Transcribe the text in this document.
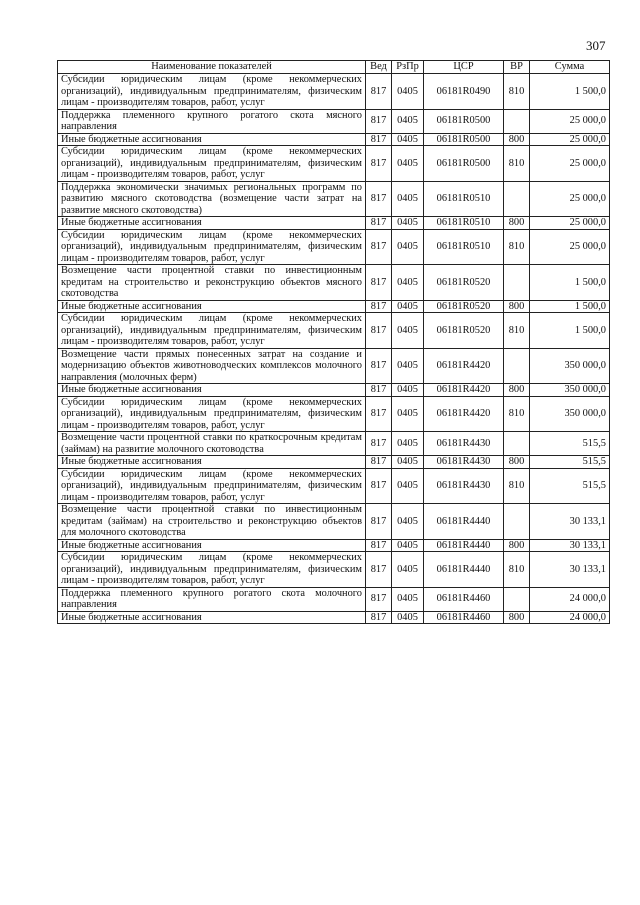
307
Наименование показателей	Вед	РзПр	ЦСР	ВР	Сумма
Субсидии юридическим лицам (кроме некоммерческих организаций), индивидуальным предпринимателям, физическим лицам - производителям товаров, работ, услуг	817	0405	06181R0490	810	1 500,0
Поддержка племенного крупного рогатого скота мясного направления	817	0405	06181R0500		25 000,0
Иные бюджетные ассигнования	817	0405	06181R0500	800	25 000,0
Субсидии юридическим лицам (кроме некоммерческих организаций), индивидуальным предпринимателям, физическим лицам - производителям товаров, работ, услуг	817	0405	06181R0500	810	25 000,0
Поддержка экономически значимых региональных программ по развитию мясного скотоводства (возмещение части затрат на развитие мясного скотоводства)	817	0405	06181R0510		25 000,0
Иные бюджетные ассигнования	817	0405	06181R0510	800	25 000,0
Субсидии юридическим лицам (кроме некоммерческих организаций), индивидуальным предпринимателям, физическим лицам - производителям товаров, работ, услуг	817	0405	06181R0510	810	25 000,0
Возмещение части процентной ставки по инвестиционным кредитам на строительство и реконструкцию объектов мясного скотоводства	817	0405	06181R0520		1 500,0
Иные бюджетные ассигнования	817	0405	06181R0520	800	1 500,0
Субсидии юридическим лицам (кроме некоммерческих организаций), индивидуальным предпринимателям, физическим лицам - производителям товаров, работ, услуг	817	0405	06181R0520	810	1 500,0
Возмещение части прямых понесенных затрат на создание и модернизацию объектов животноводческих комплексов молочного направления (молочных ферм)	817	0405	06181R4420		350 000,0
Иные бюджетные ассигнования	817	0405	06181R4420	800	350 000,0
Субсидии юридическим лицам (кроме некоммерческих организаций), индивидуальным предпринимателям, физическим лицам - производителям товаров, работ, услуг	817	0405	06181R4420	810	350 000,0
Возмещение части процентной ставки по краткосрочным кредитам (займам) на развитие молочного скотоводства	817	0405	06181R4430		515,5
Иные бюджетные ассигнования	817	0405	06181R4430	800	515,5
Субсидии юридическим лицам (кроме некоммерческих организаций), индивидуальным предпринимателям, физическим лицам - производителям товаров, работ, услуг	817	0405	06181R4430	810	515,5
Возмещение части процентной ставки по инвестиционным кредитам (займам) на строительство и реконструкцию объектов для молочного скотоводства	817	0405	06181R4440		30 133,1
Иные бюджетные ассигнования	817	0405	06181R4440	800	30 133,1
Субсидии юридическим лицам (кроме некоммерческих организаций), индивидуальным предпринимателям, физическим лицам - производителям товаров, работ, услуг	817	0405	06181R4440	810	30 133,1
Поддержка племенного крупного рогатого скота молочного направления	817	0405	06181R4460		24 000,0
Иные бюджетные ассигнования	817	0405	06181R4460	800	24 000,0
